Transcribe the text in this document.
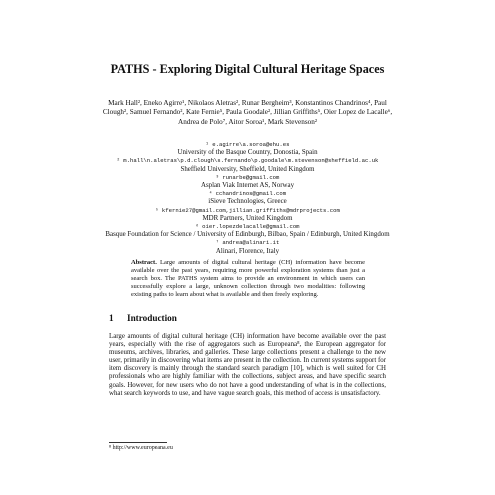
PATHS - Exploring Digital Cultural Heritage Spaces
Mark Hall², Eneko Agirre¹, Nikolaos Aletras², Runar Bergheim³, Konstantinos Chandrinos⁴, Paul Clough², Samuel Fernando², Kate Fernie⁵, Paula Goodale², Jillian Griffiths⁵, Oier Lopez de Lacalle⁶, Andrea de Polo⁷, Aitor Soroa¹, Mark Stevenson²
¹ e.agirre\a.soroa@ehu.es
University of the Basque Country, Donostia, Spain
² m.hall\n.aletras\p.d.clough\s.fernando\p.goodale\m.stevenson@sheffield.ac.uk
Sheffield University, Sheffield, United Kingdom
³ runarbe@gmail.com
Asplan Viak Internet AS, Norway
⁴ cchandrinos@gmail.com
iSieve Technologies, Greece
⁵ kfernie27@gmail.com,jillian.griffiths@mdrprojects.com
MDR Partners, United Kingdom
⁶ oier.lopezdelacalle@gmail.com
Basque Foundation for Science / University of Edinburgh, Bilbao, Spain / Edinburgh, United Kingdom
⁷ andrea@alinari.it
Alinari, Florence, Italy
Abstract. Large amounts of digital cultural heritage (CH) information have become available over the past years, requiring more powerful exploration systems than just a search box. The PATHS system aims to provide an environment in which users can successfully explore a large, unknown collection through two modalities: following existing paths to learn about what is available and then freely exploring.
1 Introduction

Large amounts of digital cultural heritage (CH) information have become available over the past years, especially with the rise of aggregators such as Europeana⁸, the European aggregator for museums, archives, libraries, and galleries. These large collections present a challenge to the new user, primarily in discovering what items are present in the collection. In current systems support for item discovery is mainly through the standard search paradigm [10], which is well suited for CH professionals who are highly familiar with the collections, subject areas, and have specific search goals. However, for new users who do not have a good understanding of what is in the collections, what search keywords to use, and have vague search goals, this method of access is unsatisfactory.

⁸ http://www.europeana.eu
